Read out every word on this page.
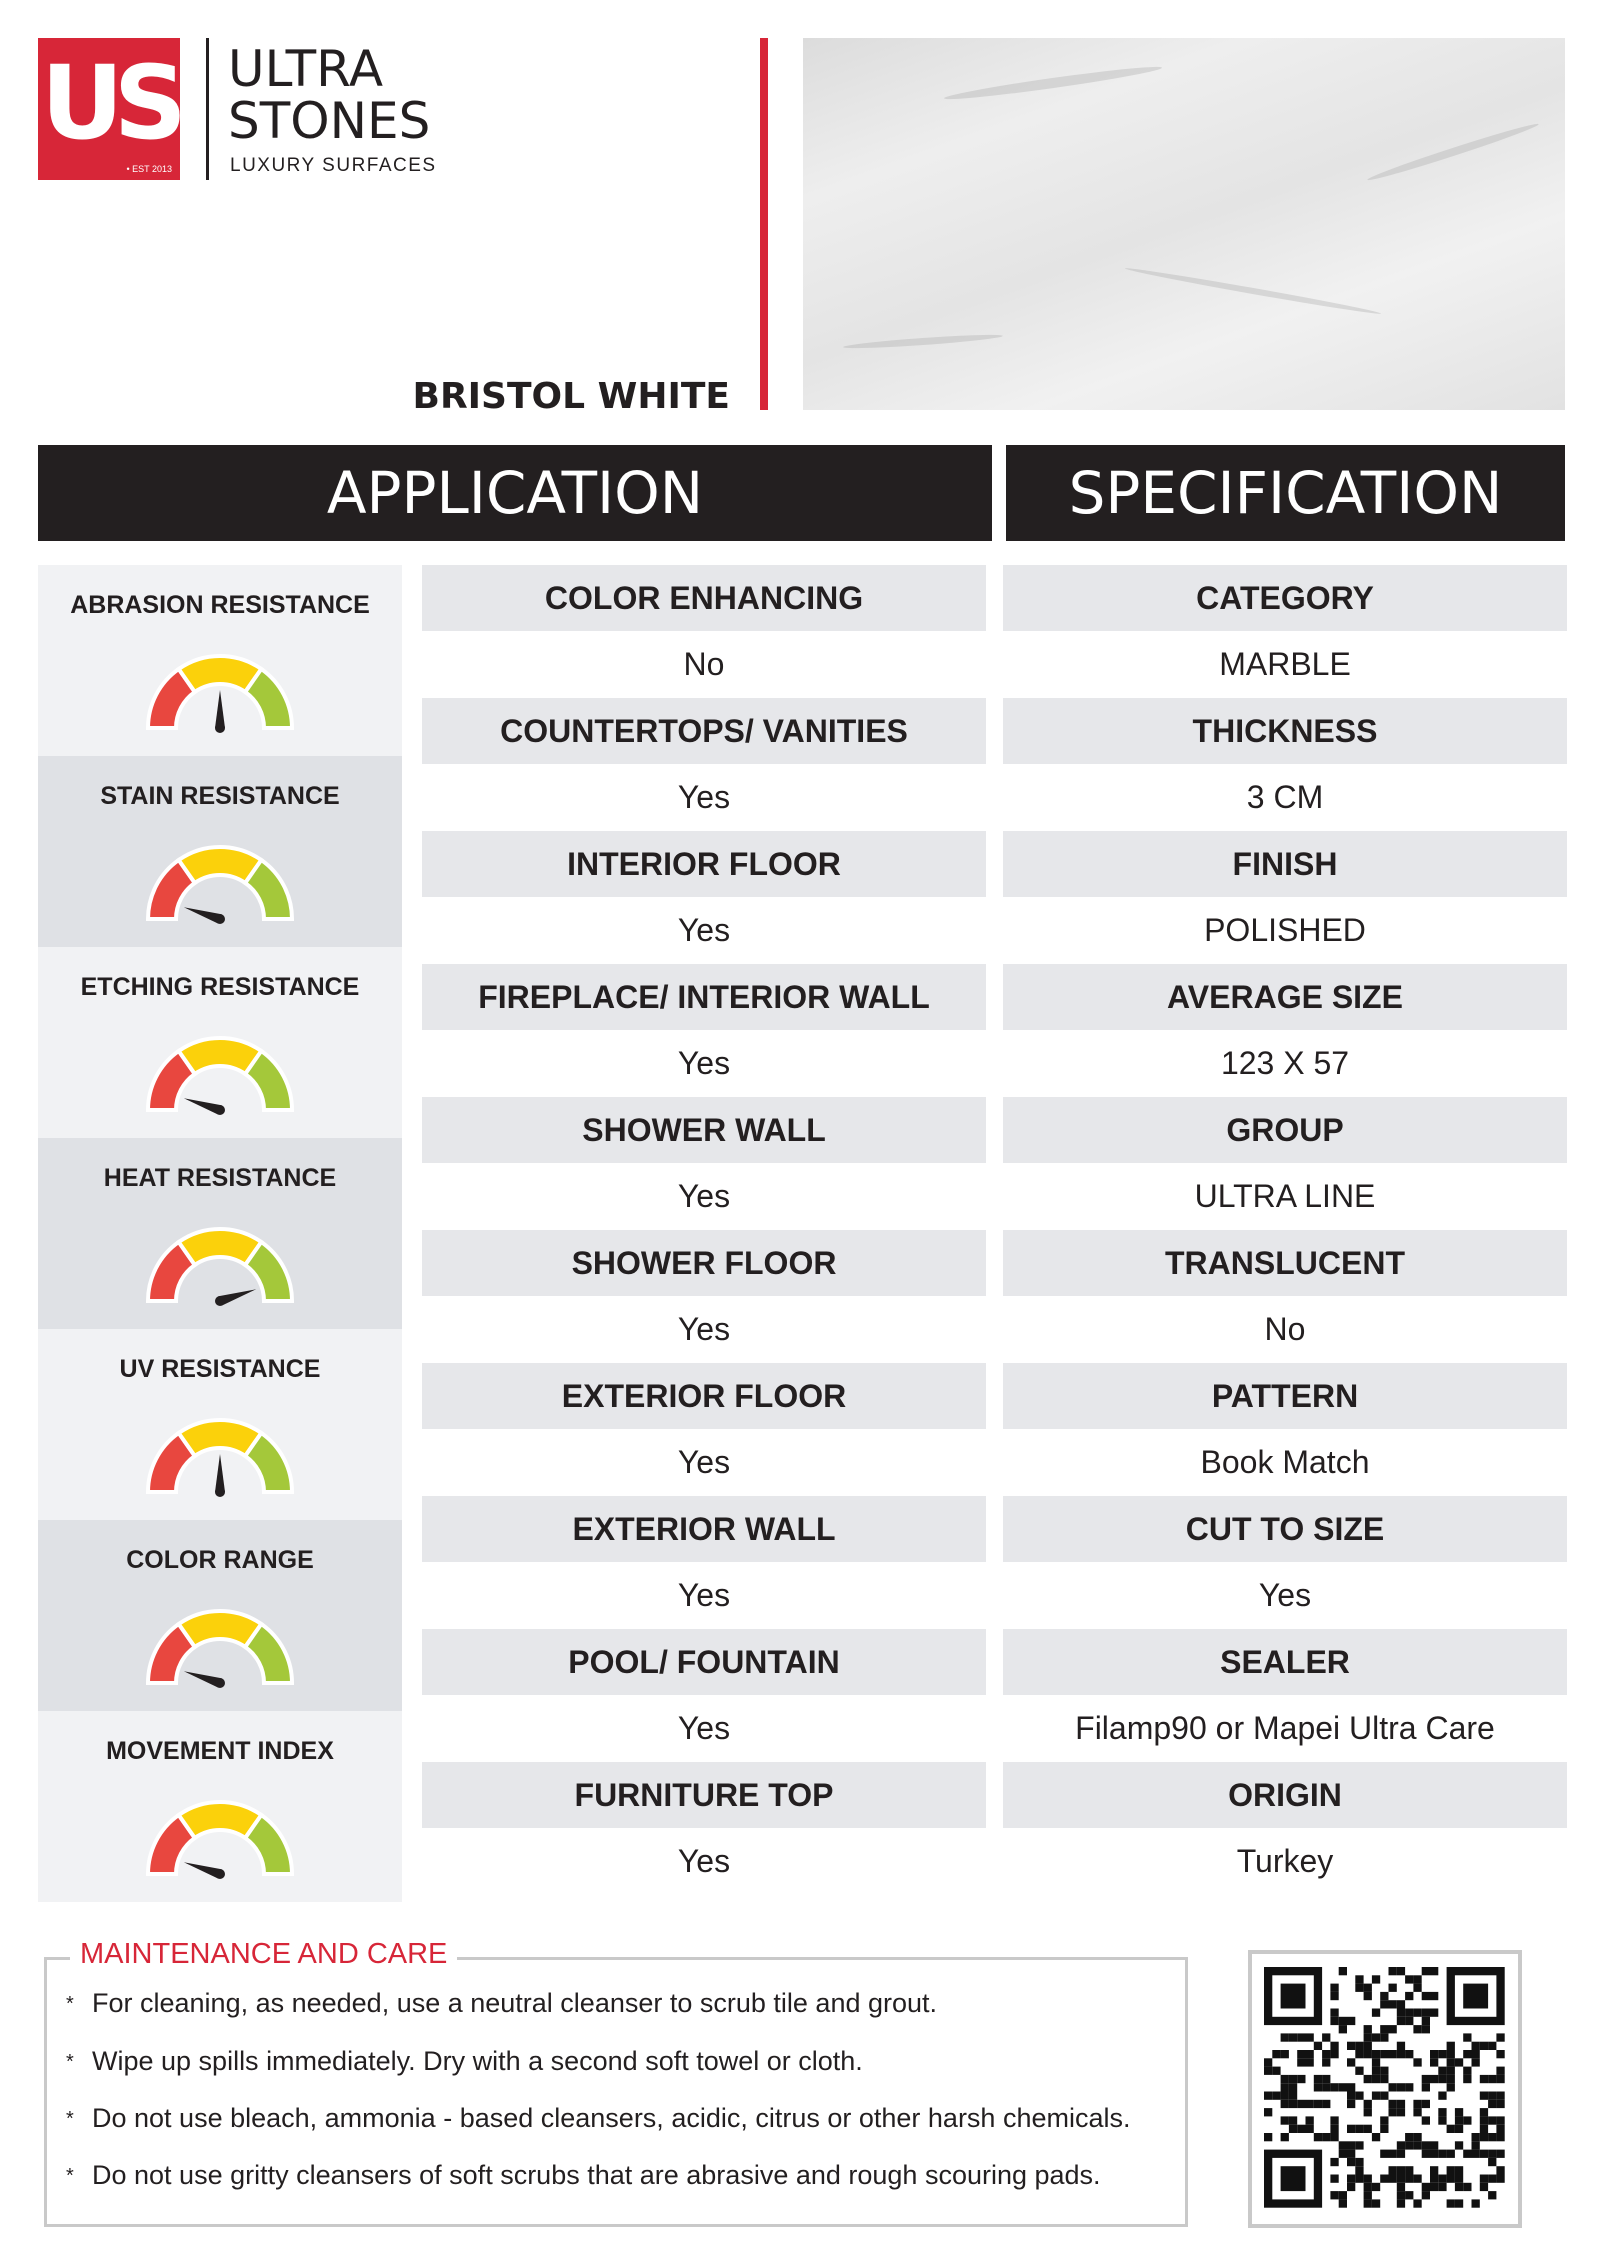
US
• EST 2013
ULTRA
STONES
LUXURY SURFACES
BRISTOL WHITE
APPLICATION	SPECIFICATION
ABRASION RESISTANCE
STAIN RESISTANCE
ETCHING RESISTANCE
HEAT RESISTANCE
UV RESISTANCE
COLOR RANGE
MOVEMENT INDEX
COLOR ENHANCING
No
COUNTERTOPS/ VANITIES
Yes
INTERIOR FLOOR
Yes
FIREPLACE/ INTERIOR WALL
Yes
SHOWER WALL
Yes
SHOWER FLOOR
Yes
EXTERIOR FLOOR
Yes
EXTERIOR WALL
Yes
POOL/ FOUNTAIN
Yes
FURNITURE TOP
Yes
CATEGORY
MARBLE
THICKNESS
3 CM
FINISH
POLISHED
AVERAGE SIZE
123 X 57
GROUP
ULTRA LINE
TRANSLUCENT
No
PATTERN
Book Match
CUT TO SIZE
Yes
SEALER
Filamp90 or Mapei Ultra Care
ORIGIN
Turkey
MAINTENANCE AND CARE
* For cleaning, as needed, use a neutral cleanser to scrub tile and grout.
* Wipe up spills immediately. Dry with a second soft towel or cloth.
* Do not use bleach, ammonia - based cleansers, acidic, citrus or other harsh chemicals.
* Do not use gritty cleansers of soft scrubs that are abrasive and rough scouring pads.
